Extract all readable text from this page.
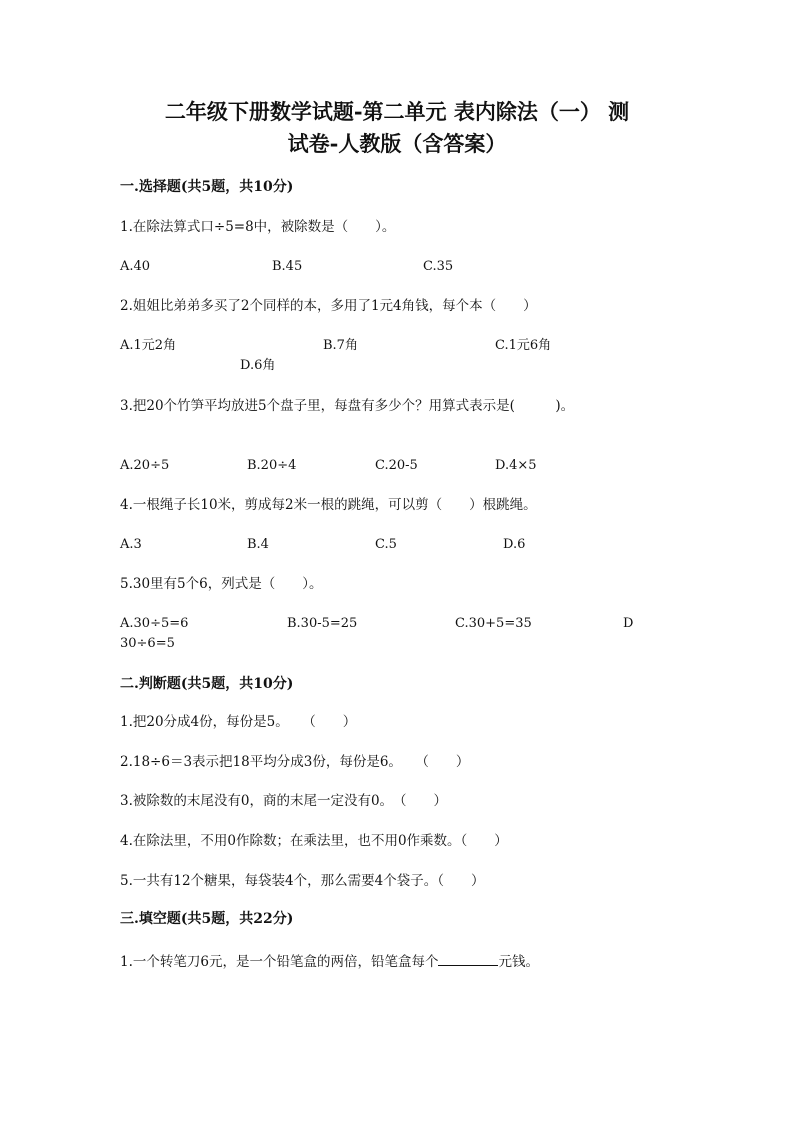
二年级下册数学试题-第二单元 表内除法（一） 测
试卷-人教版（含答案）
一.选择题(共5题，共10分)
1.在除法算式口÷5=8中，被除数是（　　）。
A.40	B.45	C.35
2.姐姐比弟弟多买了2个同样的本，多用了1元4角钱，每个本（　　）
A.1元2角	B.7角	C.1元6角
D.6角
3.把20个竹笋平均放进5个盘子里，每盘有多少个？用算式表示是(　　　)。
A.20÷5	B.20÷4	C.20-5	D.4×5
4.一根绳子长10米，剪成每2米一根的跳绳，可以剪（　　）根跳绳。
A.3	B.4	C.5	D.6
5.30里有5个6，列式是（　　）。
A.30÷5=6	B.30-5=25	C.30+5=35	D
30÷6=5
二.判断题(共5题，共10分)
1.把20分成4份，每份是5。　　（　　）
2.18÷6＝3表示把18平均分成3份，每份是6。　　（　　）
3.被除数的末尾没有0，商的末尾一定没有0。　（　　）
4.在除法里，不用0作除数；在乘法里，也不用0作乘数。（　　）
5.一共有12个糖果，每袋装4个，那么需要4个袋子。（　　）
三.填空题(共5题，共22分)
1.一个转笔刀6元，是一个铅笔盒的两倍，铅笔盒每个	元钱。
